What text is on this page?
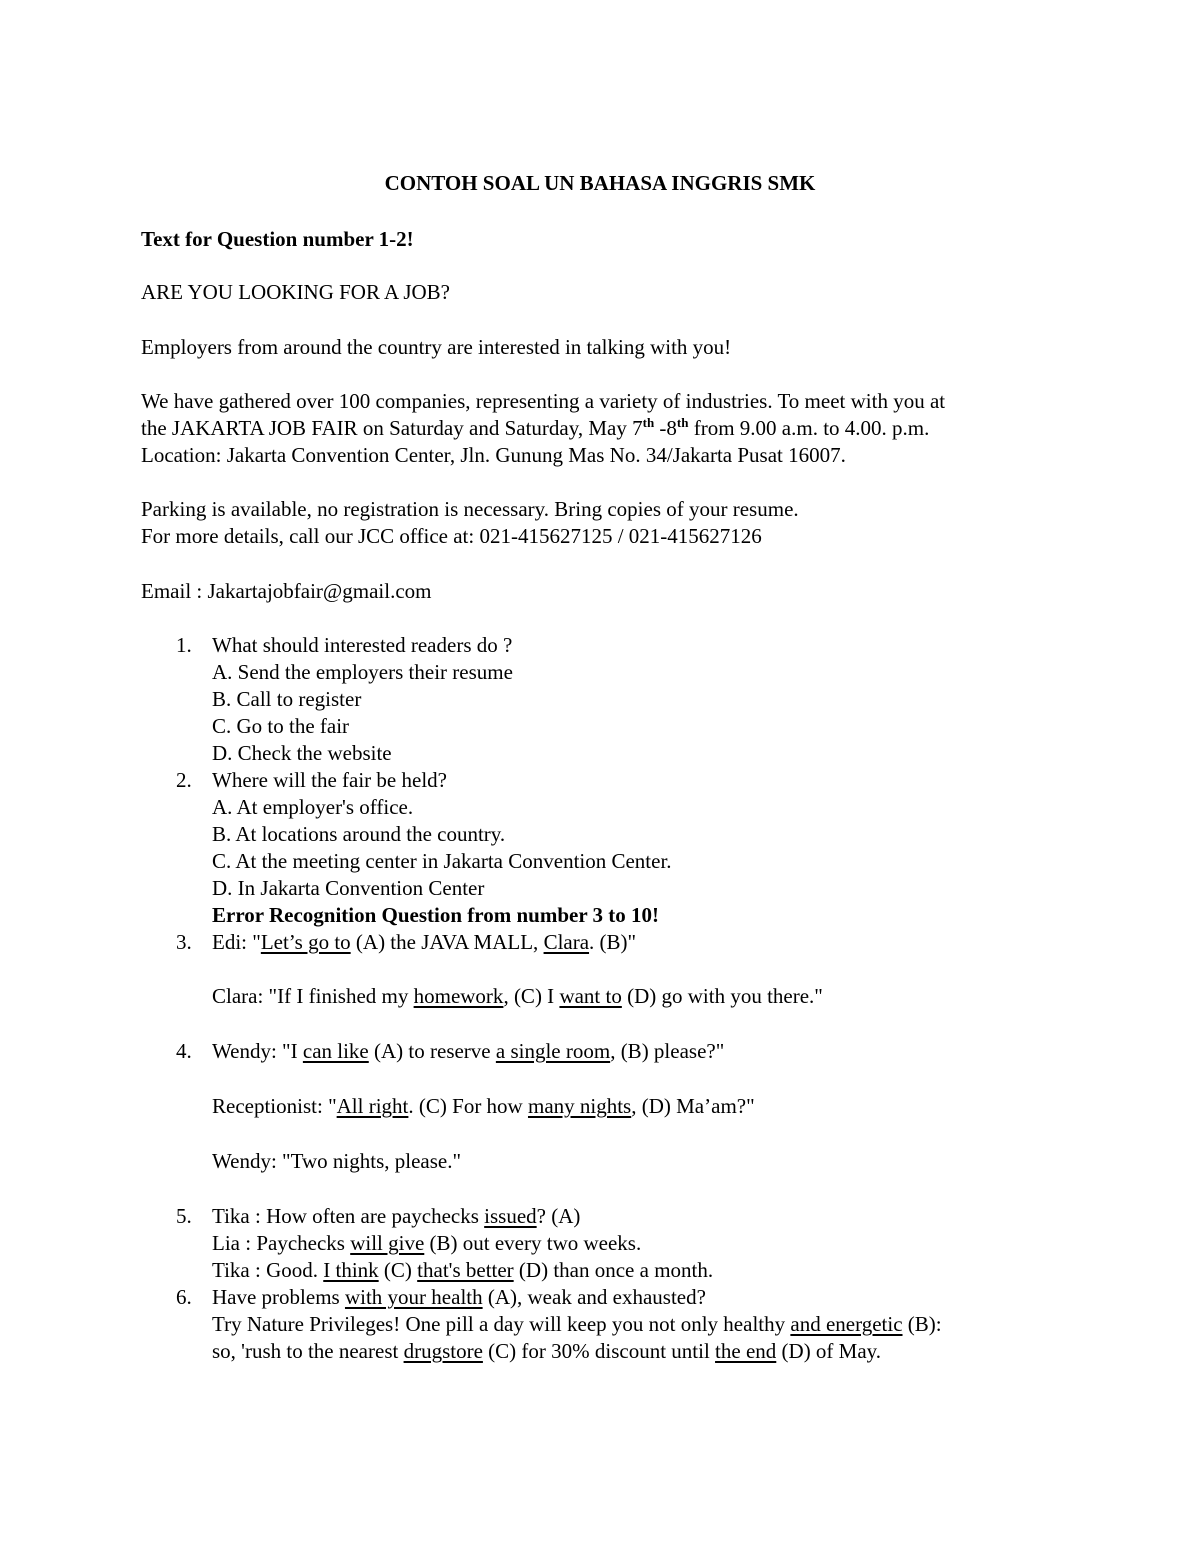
CONTOH SOAL UN BAHASA INGGRIS SMK
Text for Question number 1-2!
ARE YOU LOOKING FOR A JOB?
Employers from around the country are interested in talking with you!
We have gathered over 100 companies, representing a variety of industries. To meet with you at
the JAKARTA JOB FAIR on Saturday and Saturday, May 7th -8th from 9.00 a.m. to 4.00. p.m.
Location: Jakarta Convention Center, Jln. Gunung Mas No. 34/Jakarta Pusat 16007.
Parking is available, no registration is necessary. Bring copies of your resume.
For more details, call our JCC office at: 021-415627125 / 021-415627126
Email : Jakartajobfair@gmail.com
1. What should interested readers do ?
A. Send the employers their resume
B. Call to register
C. Go to the fair
D. Check the website
2. Where will the fair be held?
A. At employer's office.
B. At locations around the country.
C. At the meeting center in Jakarta Convention Center.
D. In Jakarta Convention Center
Error Recognition Question from number 3 to 10!
3. Edi: "Let’s go to (A) the JAVA MALL, Clara. (B)"
Clara: "If I finished my homework, (C) I want to (D) go with you there."
4. Wendy: "I can like (A) to reserve a single room, (B) please?"
Receptionist: "All right. (C) For how many nights, (D) Ma’am?"
Wendy: "Two nights, please."
5. Tika : How often are paychecks issued? (A)
Lia : Paychecks will give (B) out every two weeks.
Tika : Good. I think (C) that's better (D) than once a month.
6. Have problems with your health (A), weak and exhausted?
Try Nature Privileges! One pill a day will keep you not only healthy and energetic (B):
so, 'rush to the nearest drugstore (C) for 30% discount until the end (D) of May.
